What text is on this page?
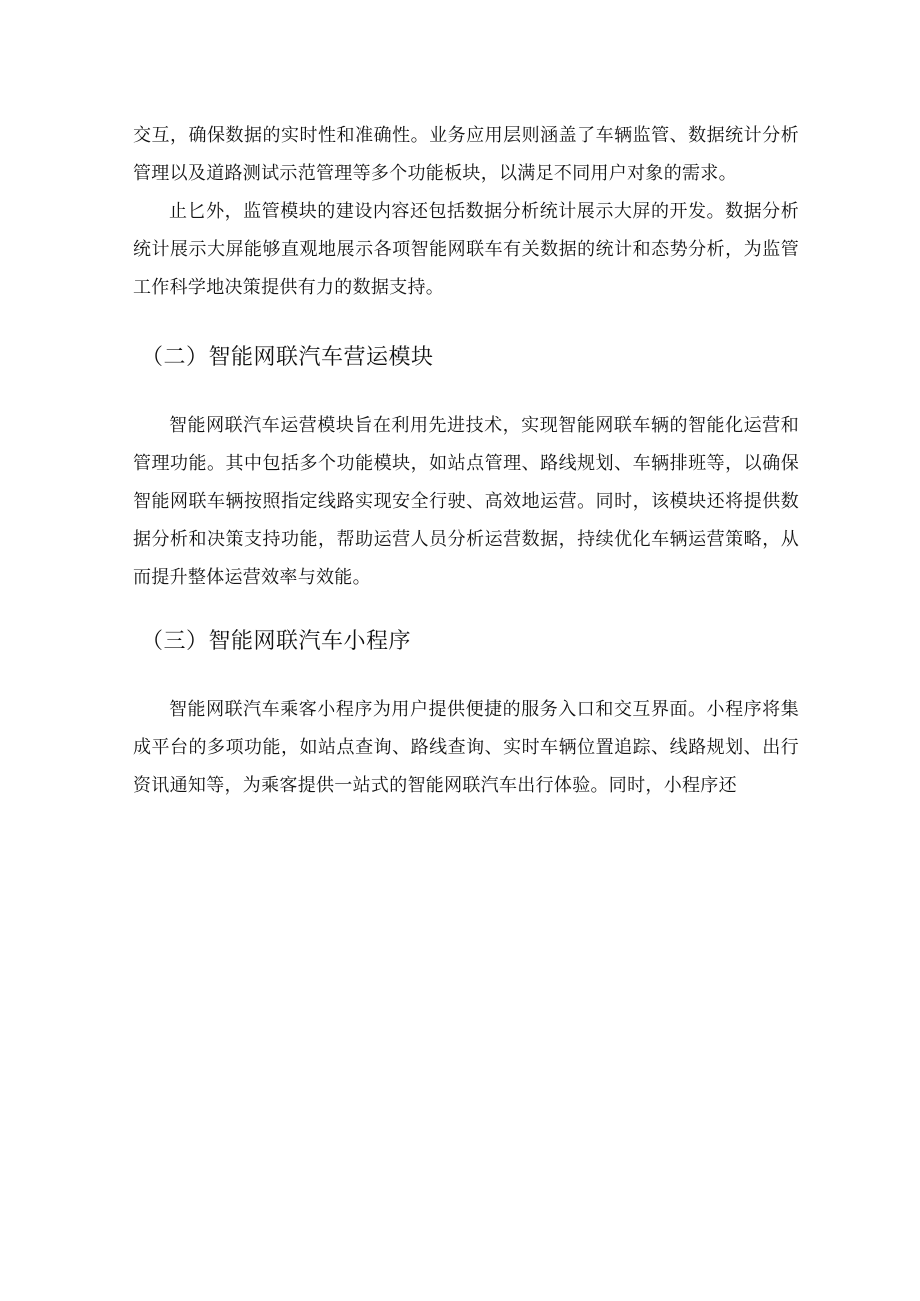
交互，确保数据的实时性和准确性。业务应用层则涵盖了车辆监管、数据统计分析管理以及道路测试示范管理等多个功能板块，以满足不同用户对象的需求。

止匕外，监管模块的建设内容还包括数据分析统计展示大屏的开发。数据分析统计展示大屏能够直观地展示各项智能网联车有关数据的统计和态势分析，为监管工作科学地决策提供有力的数据支持。

（二）智能网联汽车营运模块

智能网联汽车运营模块旨在利用先进技术，实现智能网联车辆的智能化运营和管理功能。其中包括多个功能模块，如站点管理、路线规划、车辆排班等，以确保智能网联车辆按照指定线路实现安全行驶、高效地运营。同时，该模块还将提供数据分析和决策支持功能，帮助运营人员分析运营数据，持续优化车辆运营策略，从而提升整体运营效率与效能。

（三）智能网联汽车小程序

智能网联汽车乘客小程序为用户提供便捷的服务入口和交互界面。小程序将集成平台的多项功能，如站点查询、路线查询、实时车辆位置追踪、线路规划、出行资讯通知等，为乘客提供一站式的智能网联汽车出行体验。同时，小程序还
